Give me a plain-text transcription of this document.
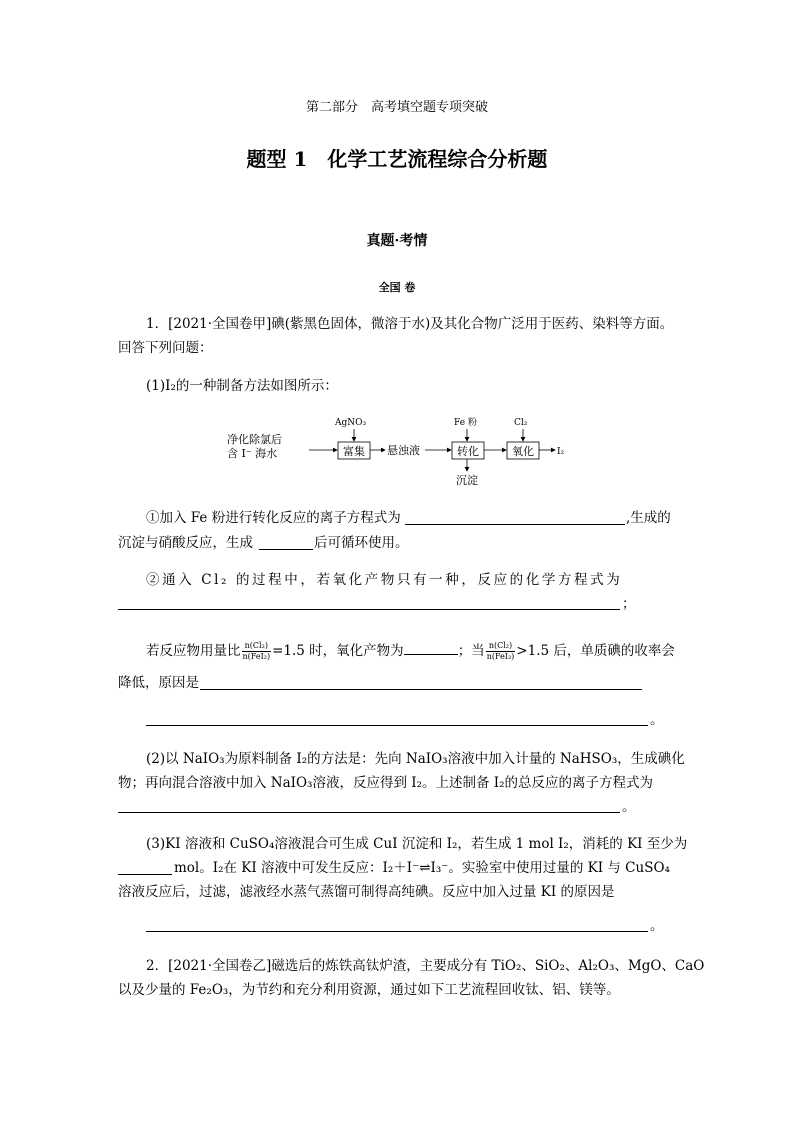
第二部分　高考填空题专项突破
题型 1　化学工艺流程综合分析题
真题·考情
全国 卷
1．[2021·全国卷甲]碘(紫黑色固体，微溶于水)及其化合物广泛用于医药、染料等方面。
回答下列问题：
(1)I₂的一种制备方法如图所示：
净化除氯后
含 I⁻ 海水
AgNO₃
富集 悬浊液
Fe 粉
转化
沉淀
Cl₂
氧化	I₂
①加入 Fe 粉进行转化反应的离子方程式为	,生成的
沉淀与硝酸反应，生成	后可循环使用。
②通入 Cl₂ 的过程中，若氧化产物只有一种，反应的化学方程式为
；
若反应物用量比 $\frac{\text{n(Cl₂)}}{\text{n(FeI₂)}} =1.5$ 时，氧化产物为	；当 $\frac{\text{n(Cl₂)}}{\text{n(FeI₂)}} >1.5$ 后，单质碘的收率会
降低，原因是
。
(2)以 NaIO₃为原料制备 I₂的方法是：先向 NaIO₃溶液中加入计量的 NaHSO₃，生成碘化
物；再向混合溶液中加入 NaIO₃溶液，反应得到 I₂。上述制备 I₂的总反应的离子方程式为
。
(3)KI 溶液和 CuSO₄溶液混合可生成 CuI 沉淀和 I₂，若生成 1 mol I₂，消耗的 KI 至少为
mol。I₂在 KI 溶液中可发生反应：I₂＋I⁻⇌I₃⁻。实验室中使用过量的 KI 与 CuSO₄
溶液反应后，过滤，滤液经水蒸气蒸馏可制得高纯碘。反应中加入过量 KI 的原因是
。
2．[2021·全国卷乙]磁选后的炼铁高钛炉渣，主要成分有 TiO₂、SiO₂、Al₂O₃、MgO、CaO
以及少量的 Fe₂O₃，为节约和充分利用资源，通过如下工艺流程回收钛、铝、镁等。
